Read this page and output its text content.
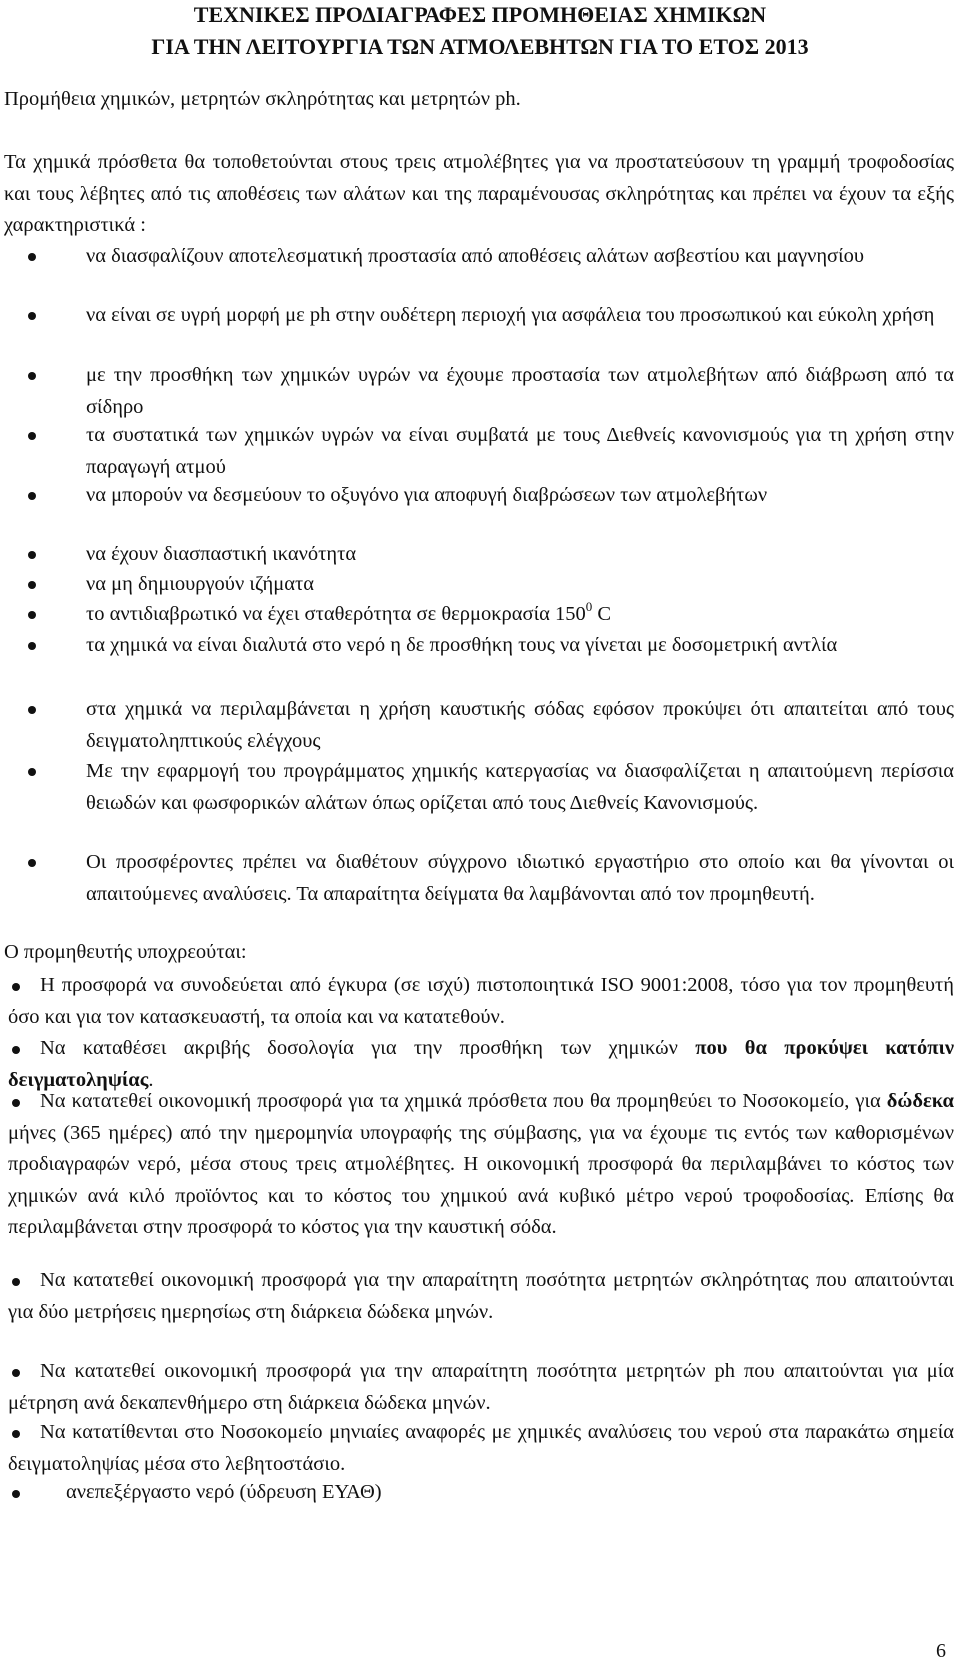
ΤΕΧΝΙΚΕΣ ΠΡΟΔΙΑΓΡΑΦΕΣ ΠΡΟΜΗΘΕΙΑΣ ΧΗΜΙΚΩΝ
ΓΙΑ ΤΗΝ ΛΕΙΤΟΥΡΓΙΑ ΤΩΝ ΑΤΜΟΛΕΒΗΤΩΝ ΓΙΑ ΤΟ ΕΤΟΣ 2013

Προμήθεια χημικών, μετρητών σκληρότητας και μετρητών ph.

Τα χημικά πρόσθετα θα τοποθετούνται στους τρεις ατμολέβητες για να προστατεύσουν τη γραμμή τροφοδοσίας και τους λέβητες από τις αποθέσεις των αλάτων και της παραμένουσας σκληρότητας και πρέπει να έχουν τα εξής χαρακτηριστικά :

να διασφαλίζουν αποτελεσματική προστασία από αποθέσεις αλάτων ασβεστίου και μαγνησίου

να είναι σε υγρή μορφή με ph στην ουδέτερη περιοχή για ασφάλεια του προσωπικού και εύκολη χρήση

με την προσθήκη των χημικών υγρών να έχουμε προστασία των ατμολεβήτων από διάβρωση από τα σίδηρο

τα συστατικά των χημικών υγρών να είναι συμβατά με τους Διεθνείς κανονισμούς για τη χρήση στην παραγωγή ατμού

να μπορούν να δεσμεύουν το οξυγόνο για αποφυγή διαβρώσεων των ατμολεβήτων

να έχουν διασπαστική ικανότητα

να μη δημιουργούν ιζήματα

το αντιδιαβρωτικό να έχει σταθερότητα σε θερμοκρασία $150^0$ C

τα χημικά να είναι διαλυτά στο νερό η δε προσθήκη τους να γίνεται με δοσομετρική αντλία

στα χημικά να περιλαμβάνεται η χρήση καυστικής σόδας εφόσον προκύψει ότι απαιτείται από τους δειγματοληπτικούς ελέγχους

Με την εφαρμογή του προγράμματος χημικής κατεργασίας να διασφαλίζεται η απαιτούμενη περίσσια θειωδών και φωσφορικών αλάτων όπως ορίζεται από τους Διεθνείς Κανονισμούς.

Οι προσφέροντες πρέπει να διαθέτουν σύγχρονο ιδιωτικό εργαστήριο στο οποίο και θα γίνονται οι απαιτούμενες αναλύσεις. Τα απαραίτητα δείγματα θα λαμβάνονται από τον προμηθευτή.

Ο προμηθευτής υποχρεούται:

Η προσφορά να συνοδεύεται από έγκυρα (σε ισχύ) πιστοποιητικά ISO 9001:2008, τόσο για τον προμηθευτή όσο και για τον κατασκευαστή, τα οποία και να κατατεθούν.

Να καταθέσει ακριβής δοσολογία για την προσθήκη των χημικών που θα προκύψει κατόπιν δειγματοληψίας.

Να κατατεθεί οικονομική προσφορά για τα χημικά πρόσθετα που θα προμηθεύει το Νοσοκομείο, για δώδεκα μήνες (365 ημέρες) από την ημερομηνία υπογραφής της σύμβασης, για να έχουμε τις εντός των καθορισμένων προδιαγραφών νερό, μέσα στους τρεις ατμολέβητες. Η οικονομική προσφορά θα περιλαμβάνει το κόστος των χημικών ανά κιλό προϊόντος και το κόστος του χημικού ανά κυβικό μέτρο νερού τροφοδοσίας. Επίσης θα περιλαμβάνεται στην προσφορά το κόστος για την καυστική σόδα.

Να κατατεθεί οικονομική προσφορά για την απαραίτητη ποσότητα μετρητών σκληρότητας που απαιτούνται για δύο μετρήσεις ημερησίως στη διάρκεια δώδεκα μηνών.

Να κατατεθεί οικονομική προσφορά για την απαραίτητη ποσότητα μετρητών ph που απαιτούνται για μία μέτρηση ανά δεκαπενθήμερο στη διάρκεια δώδεκα μηνών.

Να κατατίθενται στο Νοσοκομείο μηνιαίες αναφορές με χημικές αναλύσεις του νερού στα παρακάτω σημεία δειγματοληψίας μέσα στο λεβητοστάσιο.

ανεπεξέργαστο νερό (ύδρευση ΕΥΑΘ)

6
